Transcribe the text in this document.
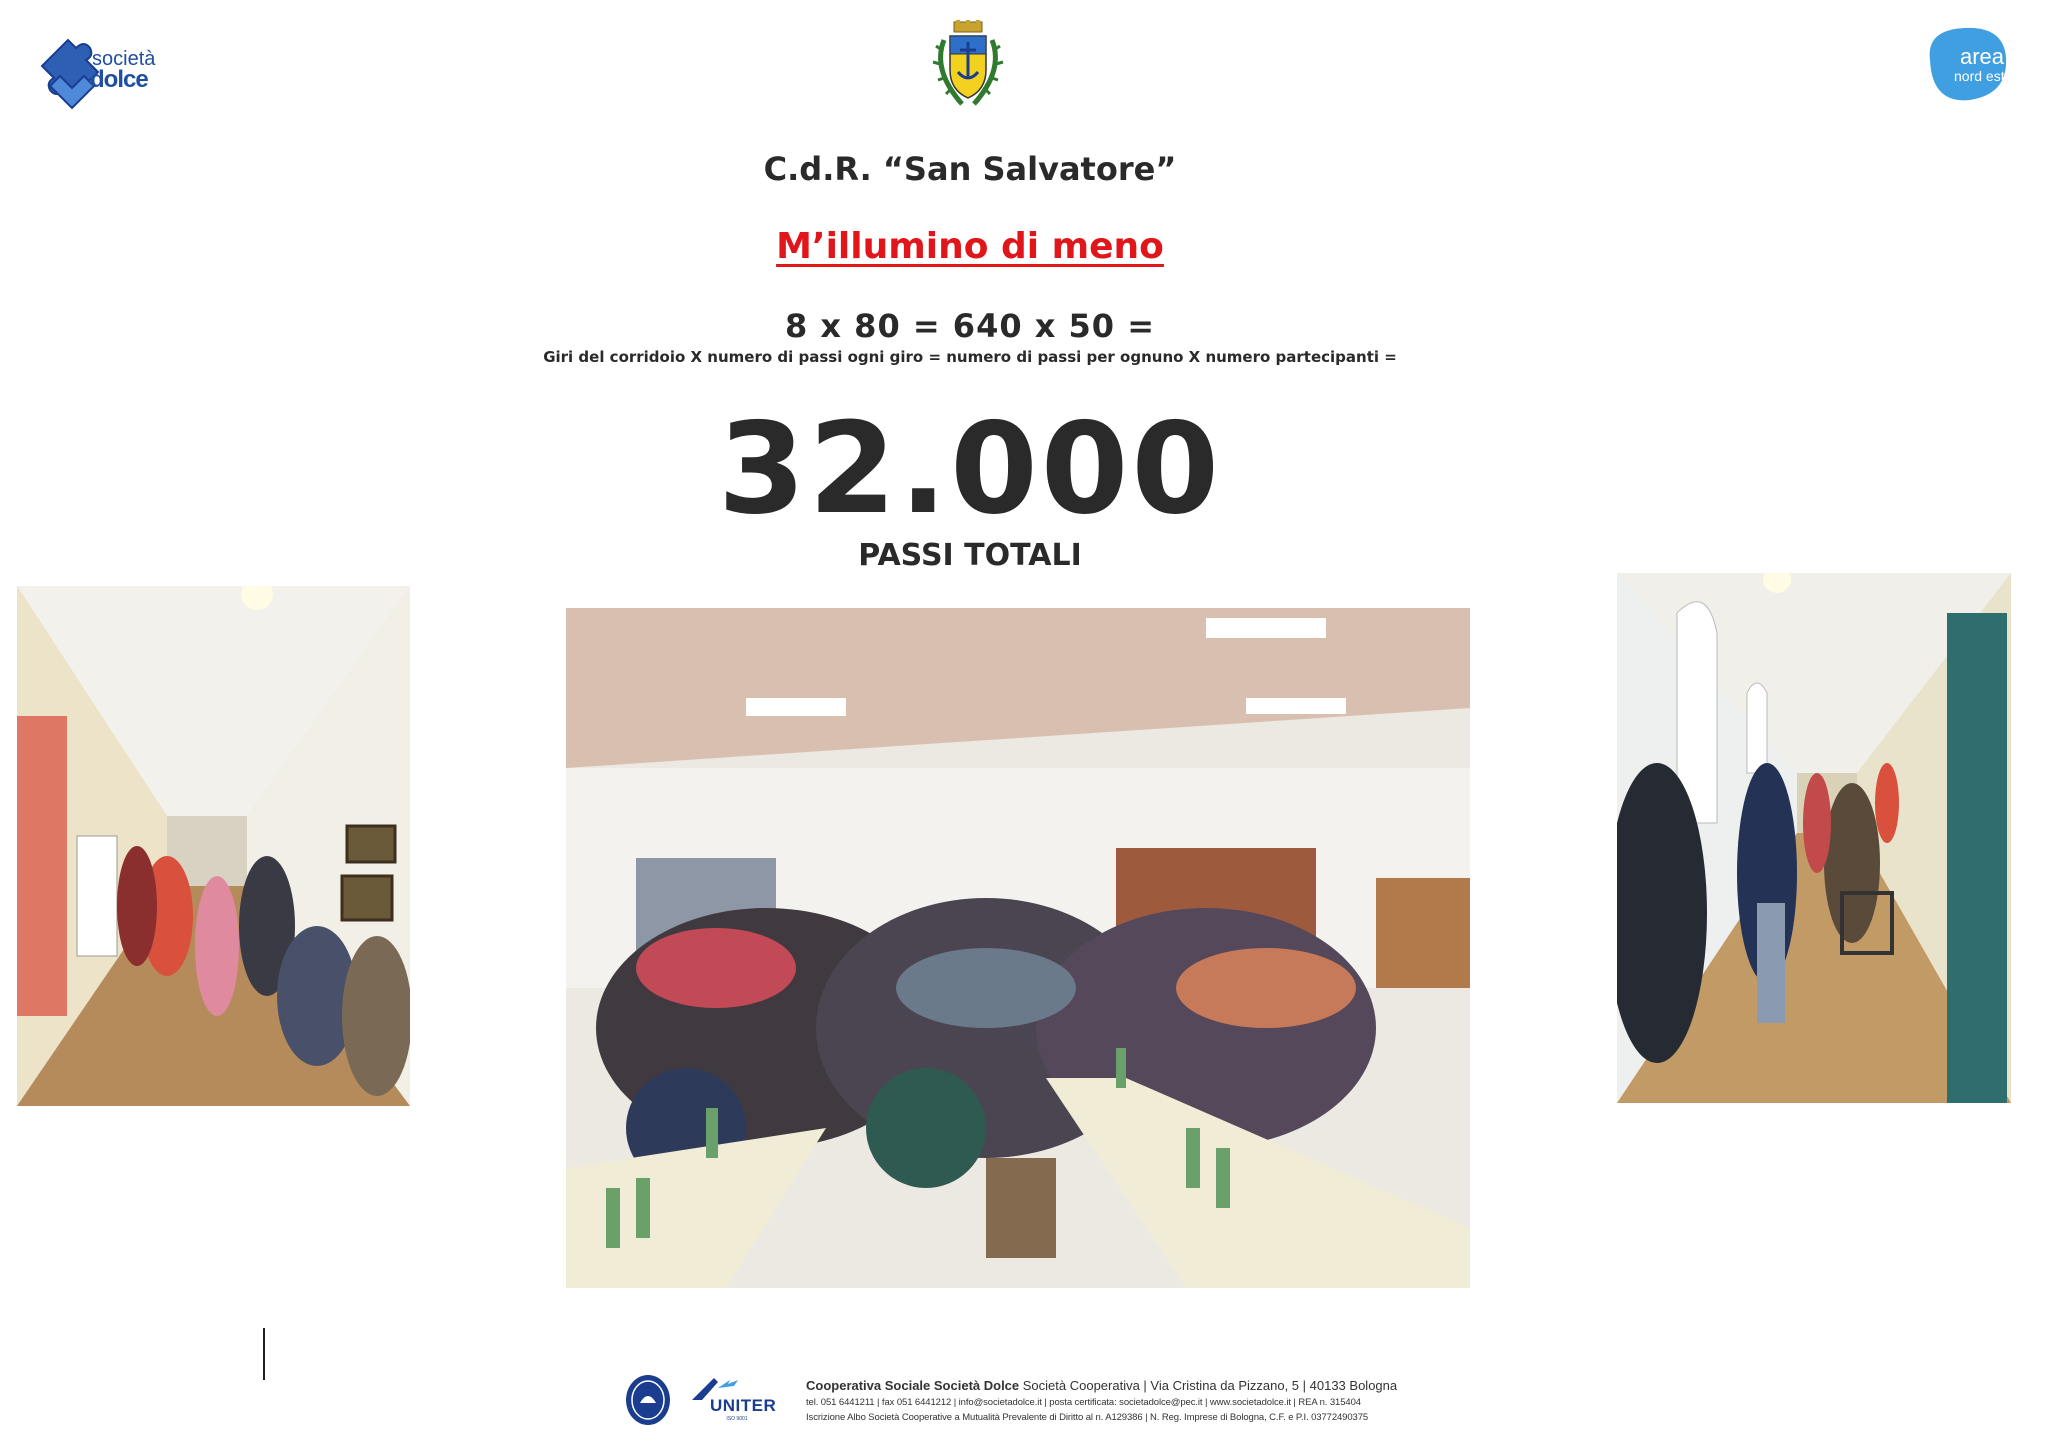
società
dolce
area
nord est
C.d.R. “San Salvatore”
M’illumino di meno
8 x 80 = 640 x 50 =
Giri del corridoio X numero di passi ogni giro = numero di passi per ognuno X numero partecipanti =
32.000
PASSI TOTALI
UNITER
ISO 9001
Cooperativa Sociale Società Dolce Società Cooperativa | Via Cristina da Pizzano, 5 | 40133 Bologna
tel. 051 6441211 | fax 051 6441212 | info@societadolce.it | posta certificata: societadolce@pec.it | www.societadolce.it | REA n. 315404
Iscrizione Albo Società Cooperative a Mutualità Prevalente di Diritto al n. A129386 | N. Reg. Imprese di Bologna, C.F. e P.I. 03772490375
